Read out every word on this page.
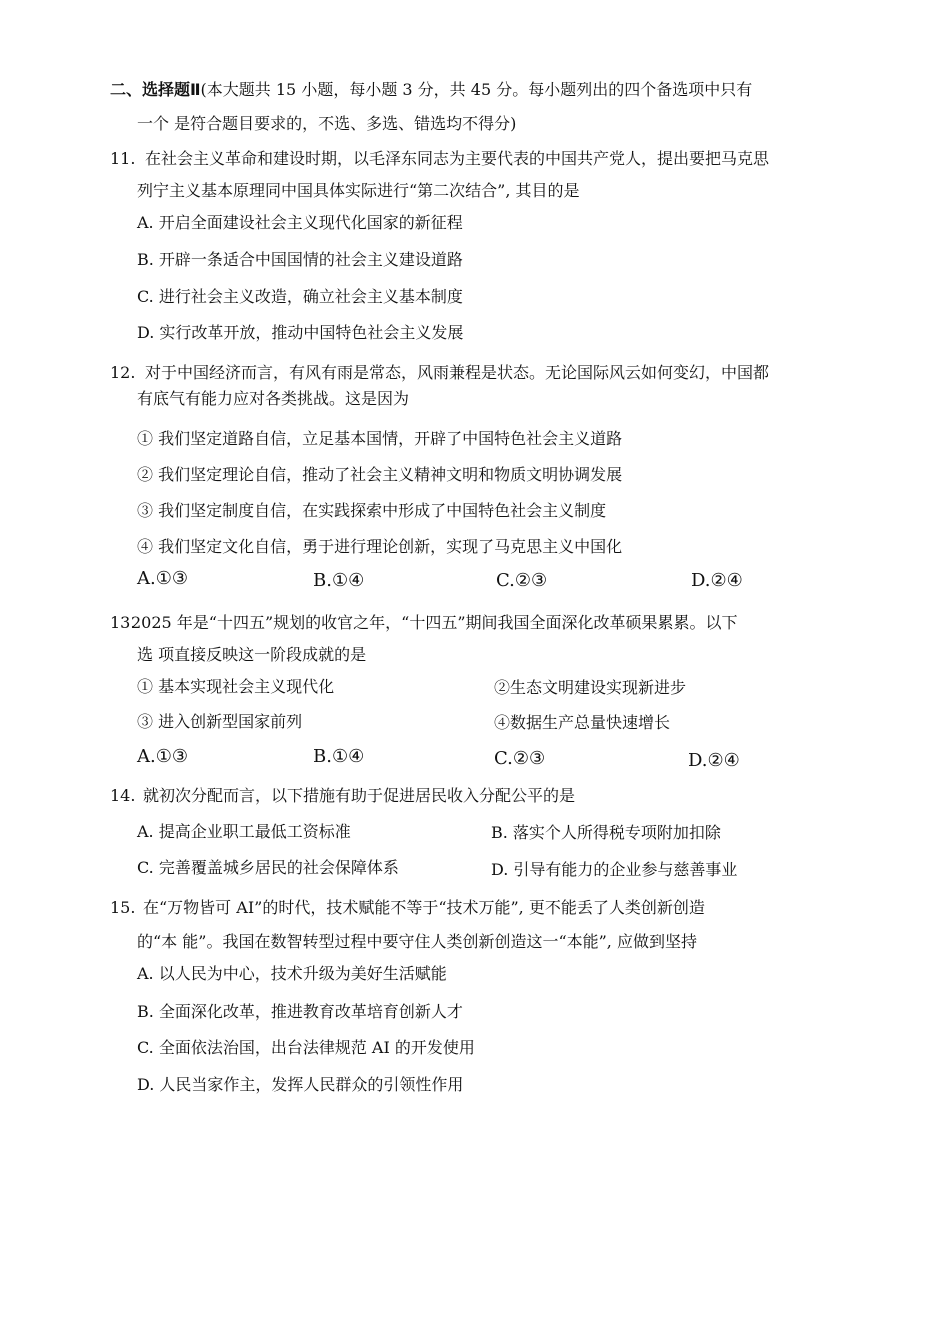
二、选择题Ⅱ(本大题共 15 小题，每小题 3 分，共 45 分。每小题列出的四个备选项中只有
一个 是符合题目要求的，不选、多选、错选均不得分)
11. 在社会主义革命和建设时期，以毛泽东同志为主要代表的中国共产党人，提出要把马克思
列宁主义基本原理同中国具体实际进行“第二次结合”, 其目的是
A. 开启全面建设社会主义现代化国家的新征程
B. 开辟一条适合中国国情的社会主义建设道路
C. 进行社会主义改造，确立社会主义基本制度
D. 实行改革开放，推动中国特色社会主义发展
12. 对于中国经济而言，有风有雨是常态，风雨兼程是状态。无论国际风云如何变幻，中国都
有底气有能力应对各类挑战。这是因为
① 我们坚定道路自信，立足基本国情，开辟了中国特色社会主义道路
② 我们坚定理论自信，推动了社会主义精神文明和物质文明协调发展
③ 我们坚定制度自信，在实践探索中形成了中国特色社会主义制度
④ 我们坚定文化自信，勇于进行理论创新，实现了马克思主义中国化
A.①③	B.①④	C.②③	D.②④
13.
2025 年是“十四五”规划的收官之年，“十四五”期间我国全面深化改革硕果累累。以下
选 项直接反映这一阶段成就的是
① 基本实现社会主义现代化	②生态文明建设实现新进步
③ 进入创新型国家前列	④数据生产总量快速增长
A.①③	B.①④	C.②③	D.②④
14. 就初次分配而言，以下措施有助于促进居民收入分配公平的是
A. 提高企业职工最低工资标准	B. 落实个人所得税专项附加扣除
C. 完善覆盖城乡居民的社会保障体系	D. 引导有能力的企业参与慈善事业
15. 在“万物皆可 AI”的时代，技术赋能不等于“技术万能”, 更不能丢了人类创新创造
的“本 能”。我国在数智转型过程中要守住人类创新创造这一“本能”, 应做到坚持
A. 以人民为中心，技术升级为美好生活赋能
B. 全面深化改革，推进教育改革培育创新人才
C. 全面依法治国，出台法律规范 AI 的开发使用
D. 人民当家作主，发挥人民群众的引领性作用
